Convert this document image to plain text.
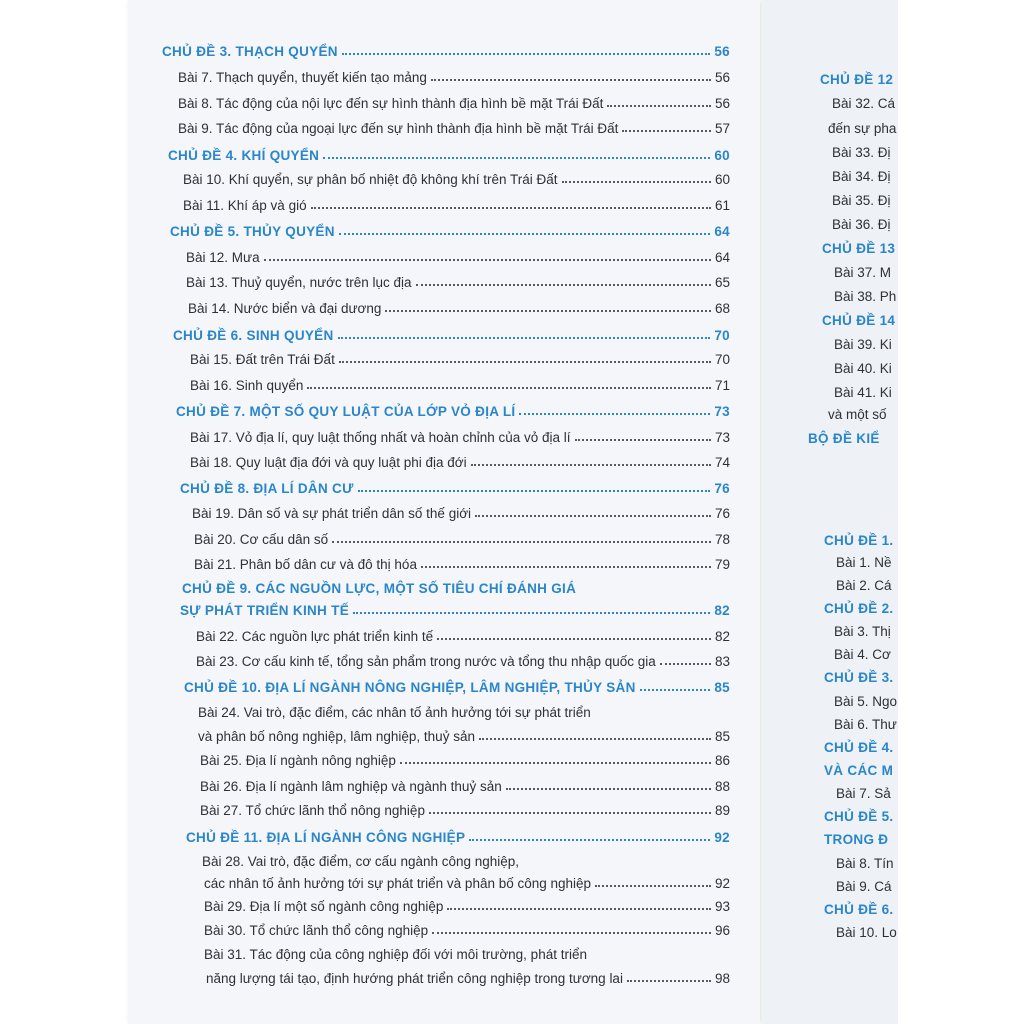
CHỦ ĐỀ 3. THẠCH QUYỂN	56
Bài 7. Thạch quyển, thuyết kiến tạo mảng	56
Bài 8. Tác động của nội lực đến sự hình thành địa hình bề mặt Trái Đất	56
Bài 9. Tác động của ngoại lực đến sự hình thành địa hình bề mặt Trái Đất	57
CHỦ ĐỀ 4. KHÍ QUYỂN	60
Bài 10. Khí quyển, sự phân bố nhiệt độ không khí trên Trái Đất	60
Bài 11. Khí áp và gió	61
CHỦ ĐỀ 5. THỦY QUYỂN	64
Bài 12. Mưa	64
Bài 13. Thuỷ quyển, nước trên lục địa	65
Bài 14. Nước biển và đại dương	68
CHỦ ĐỀ 6. SINH QUYỂN	70
Bài 15. Đất trên Trái Đất	70
Bài 16. Sinh quyển	71
CHỦ ĐỀ 7. MỘT SỐ QUY LUẬT CỦA LỚP VỎ ĐỊA LÍ	73
Bài 17. Vỏ địa lí, quy luật thống nhất và hoàn chỉnh của vỏ địa lí	73
Bài 18. Quy luật địa đới và quy luật phi địa đới	74
CHỦ ĐỀ 8. ĐỊA LÍ DÂN CƯ	76
Bài 19. Dân số và sự phát triển dân số thế giới	76
Bài 20. Cơ cấu dân số	78
Bài 21. Phân bố dân cư và đô thị hóa	79
CHỦ ĐỀ 9. CÁC NGUỒN LỰC, MỘT SỐ TIÊU CHÍ ĐÁNH GIÁ
SỰ PHÁT TRIỂN KINH TẾ	82
Bài 22. Các nguồn lực phát triển kinh tế	82
Bài 23. Cơ cấu kinh tế, tổng sản phẩm trong nước và tổng thu nhập quốc gia	83
CHỦ ĐỀ 10. ĐỊA LÍ NGÀNH NÔNG NGHIỆP, LÂM NGHIỆP, THỦY SẢN	85
Bài 24. Vai trò, đặc điểm, các nhân tố ảnh hưởng tới sự phát triển
và phân bố nông nghiệp, lâm nghiệp, thuỷ sản	85
Bài 25. Địa lí ngành nông nghiệp	86
Bài 26. Địa lí ngành lâm nghiệp và ngành thuỷ sản	88
Bài 27. Tổ chức lãnh thổ nông nghiệp	89
CHỦ ĐỀ 11. ĐỊA LÍ NGÀNH CÔNG NGHIỆP	92
Bài 28. Vai trò, đặc điểm, cơ cấu ngành công nghiệp,
các nhân tố ảnh hưởng tới sự phát triển và phân bố công nghiệp	92
Bài 29. Địa lí một số ngành công nghiệp	93
Bài 30. Tổ chức lãnh thổ công nghiệp	96
Bài 31. Tác động của công nghiệp đối với môi trường, phát triển
năng lượng tái tạo, định hướng phát triển công nghiệp trong tương lai	98
CHỦ ĐỀ 12
Bài 32. Cá
đến sự pha
Bài 33. Đị
Bài 34. Đị
Bài 35. Đị
Bài 36. Đị
CHỦ ĐỀ 13
Bài 37. M
Bài 38. Ph
CHỦ ĐỀ 14
Bài 39. Ki
Bài 40. Ki
Bài 41. Ki
và một số
BỘ ĐỀ KIỂ
CHỦ ĐỀ 1.
Bài 1. Nề
Bài 2. Cá
CHỦ ĐỀ 2.
Bài 3. Thị
Bài 4. Cơ
CHỦ ĐỀ 3.
Bài 5. Ngo
Bài 6. Thư
CHỦ ĐỀ 4.
VÀ CÁC M
Bài 7. Sả
CHỦ ĐỀ 5.
TRONG Đ
Bài 8. Tín
Bài 9. Cá
CHỦ ĐỀ 6.
Bài 10. Lo
